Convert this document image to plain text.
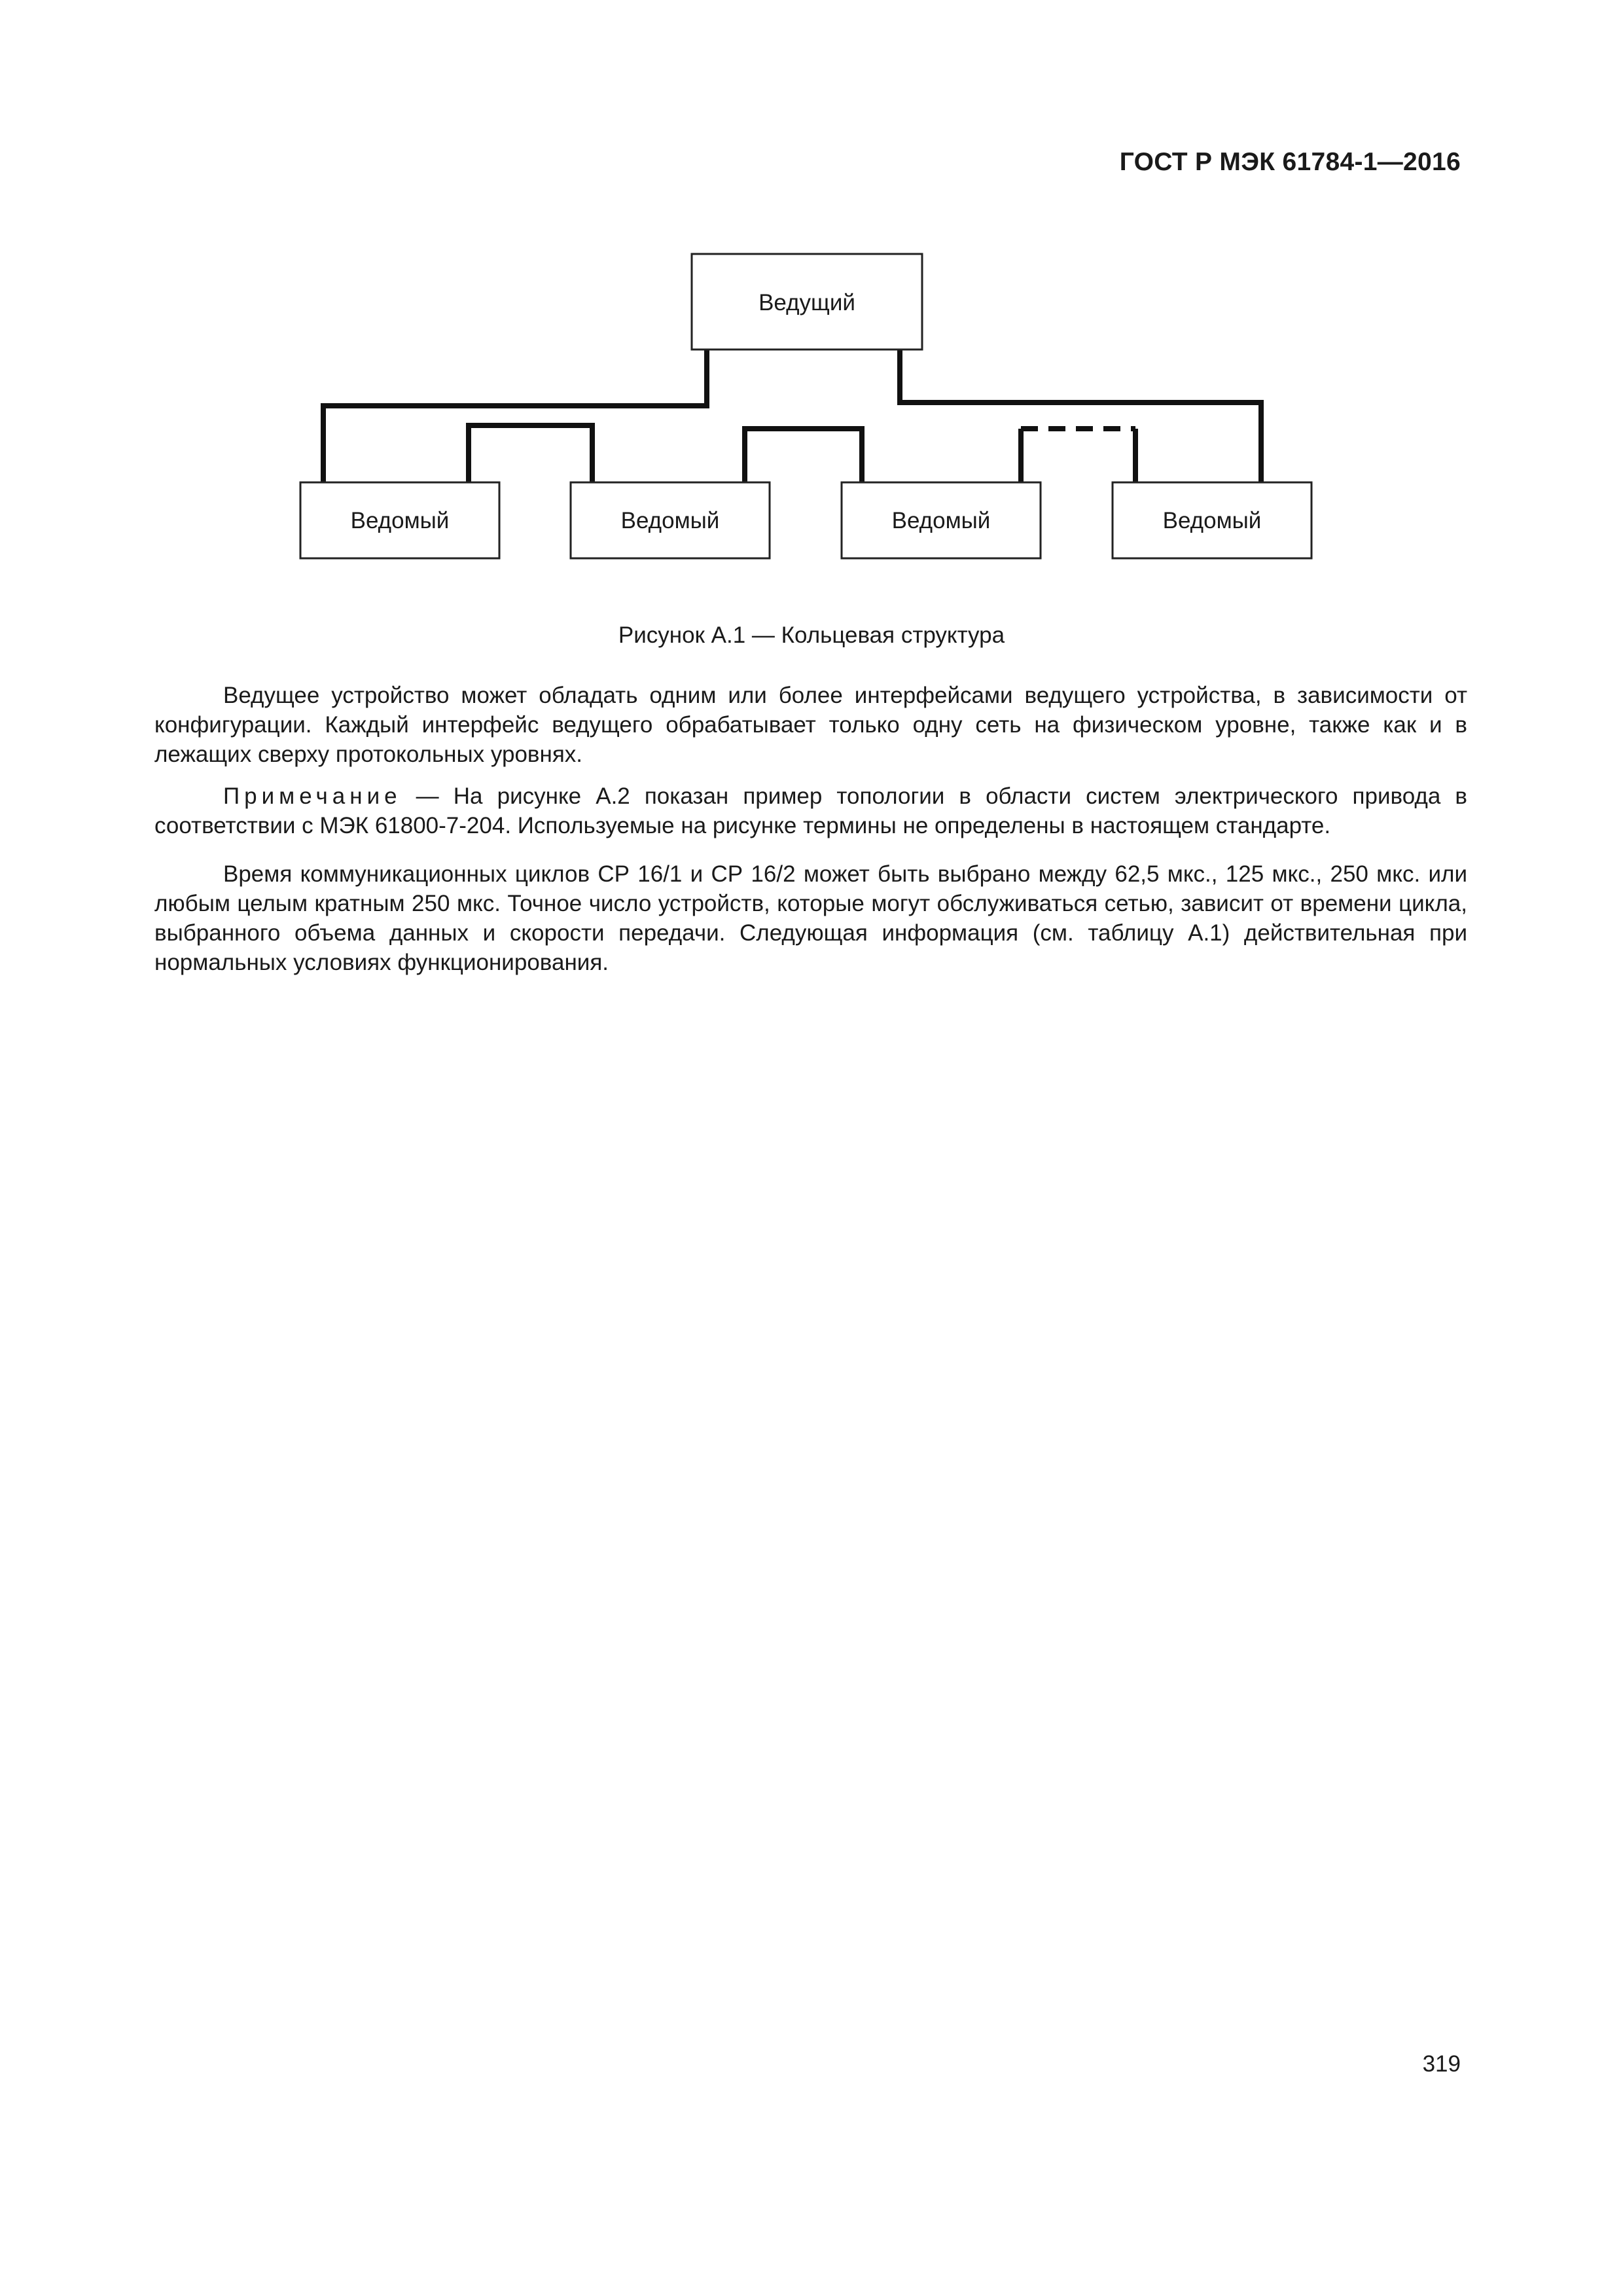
ГОСТ Р МЭК 61784-1—2016
Ведущий
Ведомый	Ведомый	Ведомый	Ведомый
Рисунок А.1 — Кольцевая структура

Ведущее устройство может обладать одним или более интерфейсами ведущего устройства, в зависимости от конфигурации. Каждый интерфейс ведущего обрабатывает только одну сеть на физическом уровне, также как и в лежащих сверху протокольных уровнях.

Примечание — На рисунке А.2 показан пример топологии в области систем электрического привода в соответствии с МЭК 61800-7-204. Используемые на рисунке термины не определены в настоящем стандарте.

Время коммуникационных циклов СР 16/1 и СР 16/2 может быть выбрано между 62,5 мкс., 125 мкс., 250 мкс. или любым целым кратным 250 мкс. Точное число устройств, которые могут обслуживаться сетью, зависит от времени цикла, выбранного объема данных и скорости передачи. Следующая информация (см. таблицу А.1) действительная при нормальных условиях функционирования.

319
